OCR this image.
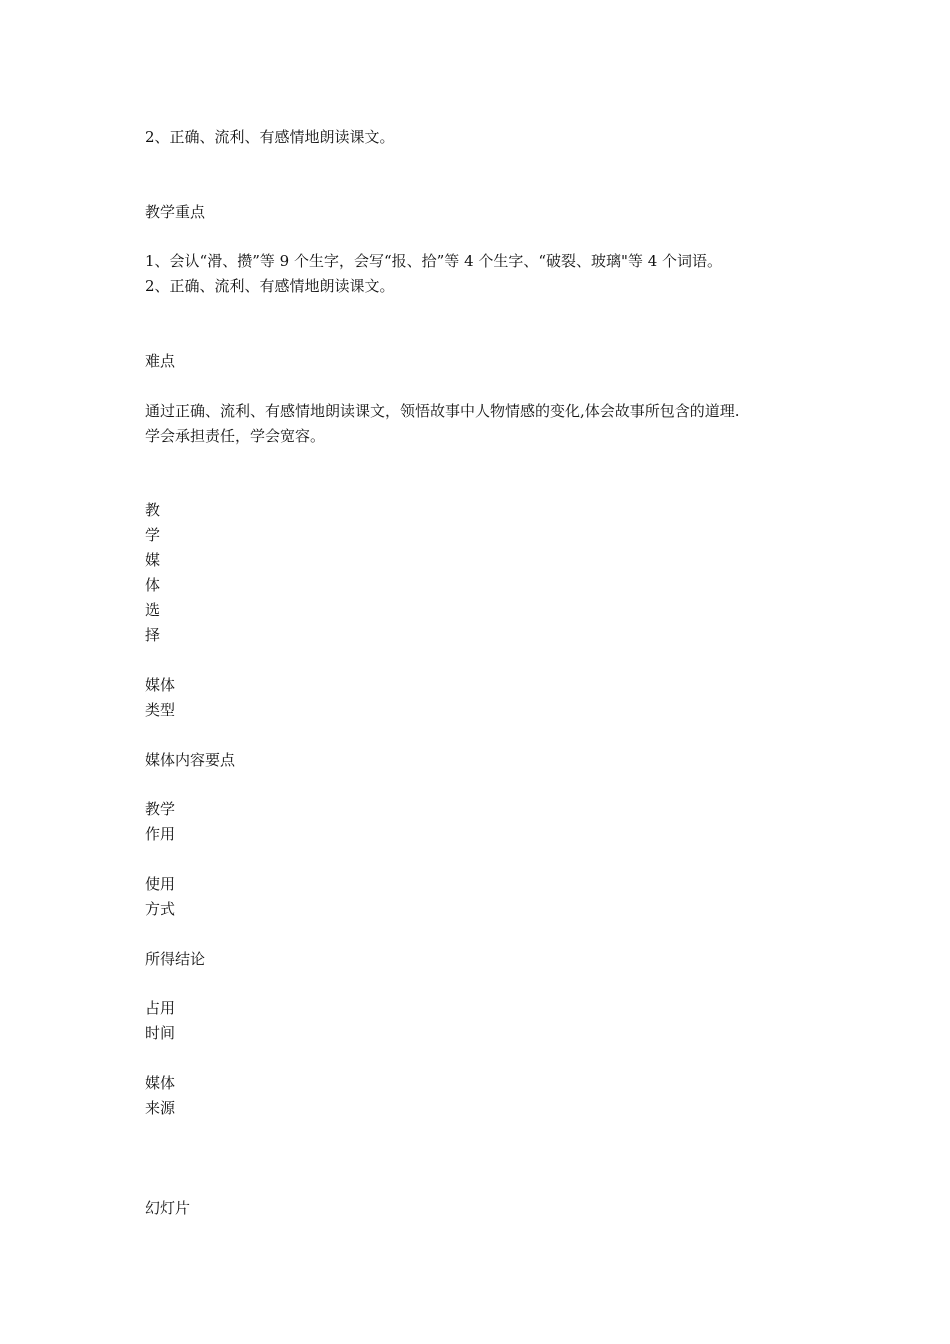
2、正确、流利、有感情地朗读课文。

教学重点

1、会认“滑、攒”等 9 个生字，会写“报、拾”等 4 个生字、“破裂、玻璃"等 4 个词语。

2、正确、流利、有感情地朗读课文。

难点

通过正确、流利、有感情地朗读课文，领悟故事中人物情感的变化,体会故事所包含的道理.

学会承担责任，学会宽容。

教

学

媒

体

选

择

媒体

类型

媒体内容要点

教学

作用

使用

方式

所得结论

占用

时间

媒体

来源

幻灯片
